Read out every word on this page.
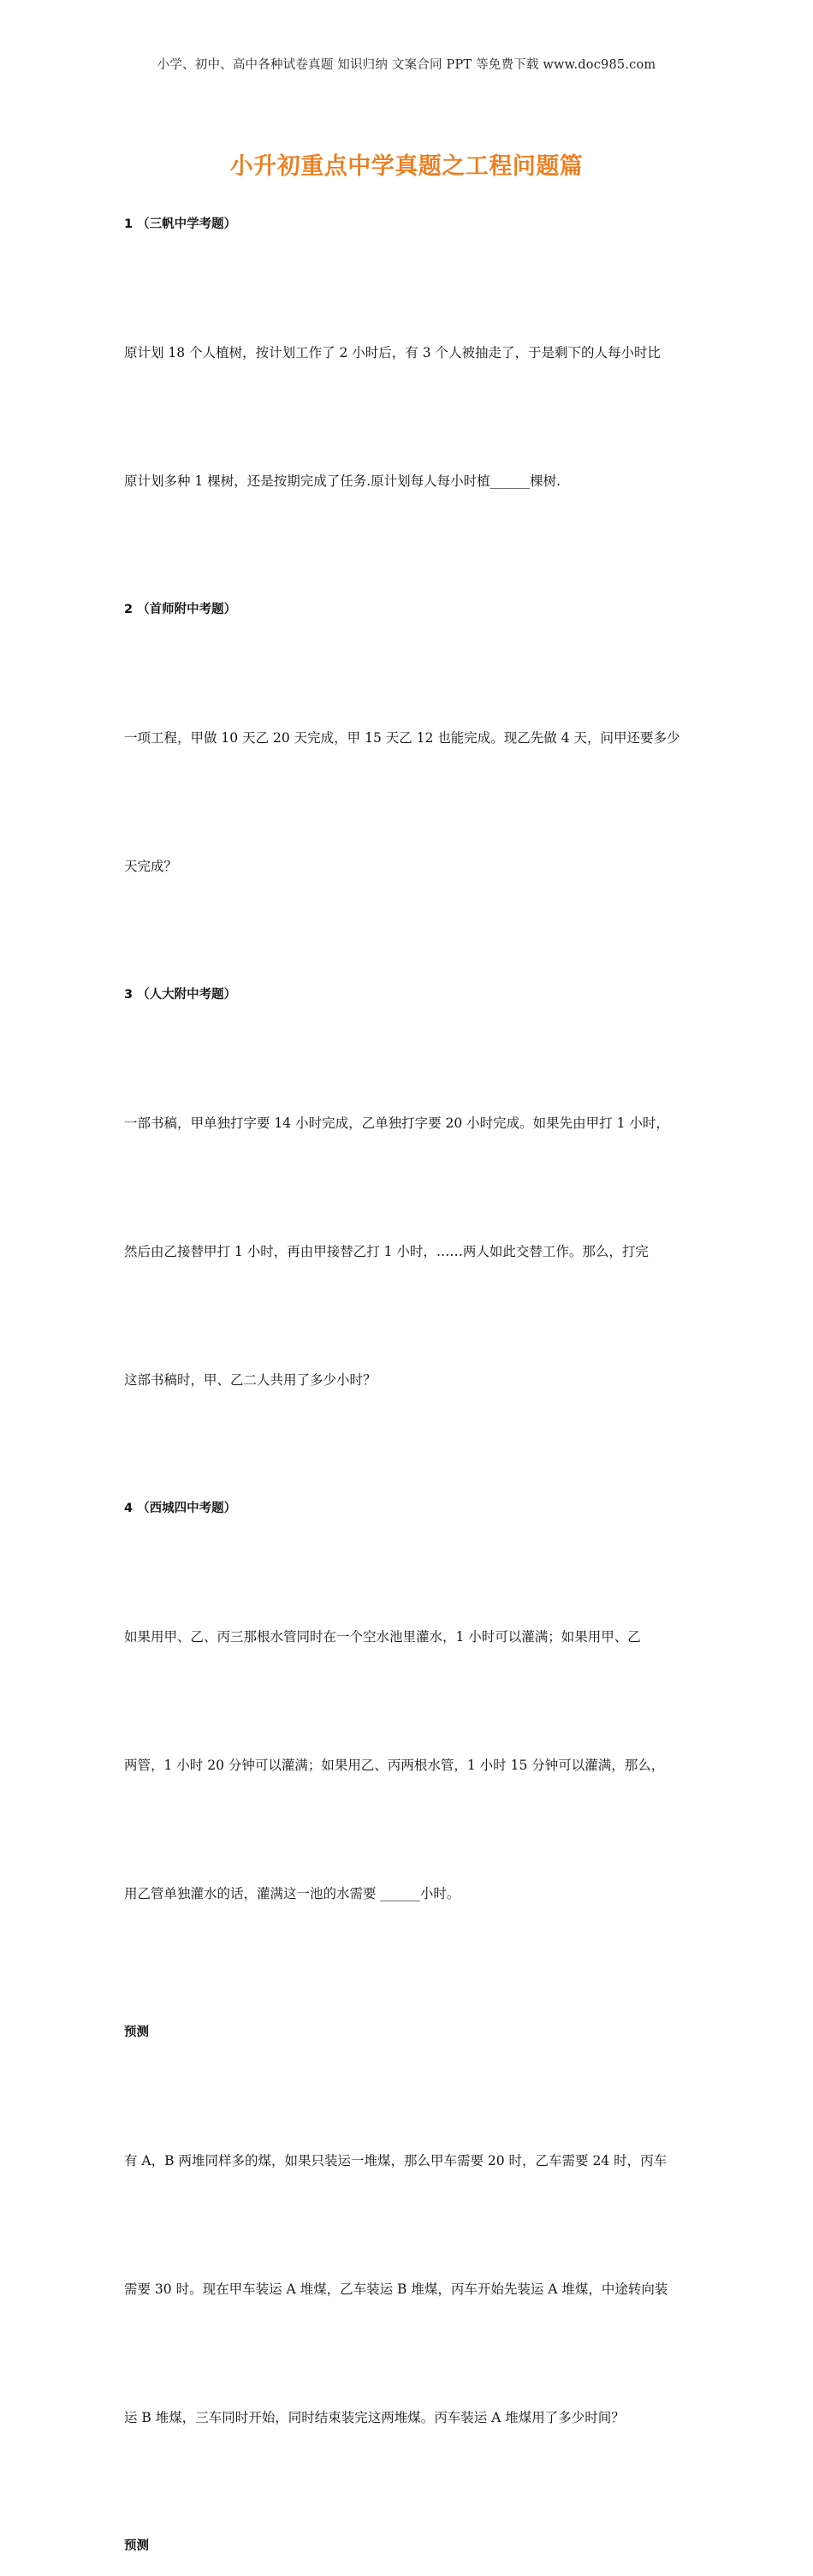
小学、初中、高中各种试卷真题 知识归纳 文案合同 PPT 等免费下载 www.doc985.com
小升初重点中学真题之工程问题篇
1 （三帆中学考题）

原计划 18 个人植树，按计划工作了 2 小时后，有 3 个人被抽走了，于是剩下的人每小时比

原计划多种 1 棵树，还是按期完成了任务.原计划每人每小时植______棵树.

2 （首师附中考题）

一项工程，甲做 10 天乙 20 天完成，甲 15 天乙 12 也能完成。现乙先做 4 天，问甲还要多少

天完成？

3 （人大附中考题）

一部书稿，甲单独打字要 14 小时完成，乙单独打字要 20 小时完成。如果先由甲打 1 小时，

然后由乙接替甲打 1 小时，再由甲接替乙打 1 小时，……两人如此交替工作。那么，打完

这部书稿时，甲、乙二人共用了多少小时？

4 （西城四中考题）

如果用甲、乙、丙三那根水管同时在一个空水池里灌水，1 小时可以灌满；如果用甲、乙

两管，1 小时 20 分钟可以灌满；如果用乙、丙两根水管，1 小时 15 分钟可以灌满，那么，

用乙管单独灌水的话，灌满这一池的水需要 ______小时。

预测

有 A，B 两堆同样多的煤，如果只装运一堆煤，那么甲车需要 20 时，乙车需要 24 时，丙车

需要 30 时。现在甲车装运 A 堆煤，乙车装运 B 堆煤，丙车开始先装运 A 堆煤，中途转向装

运 B 堆煤，三车同时开始，同时结束装完这两堆煤。丙车装运 A 堆煤用了多少时间？

预测
